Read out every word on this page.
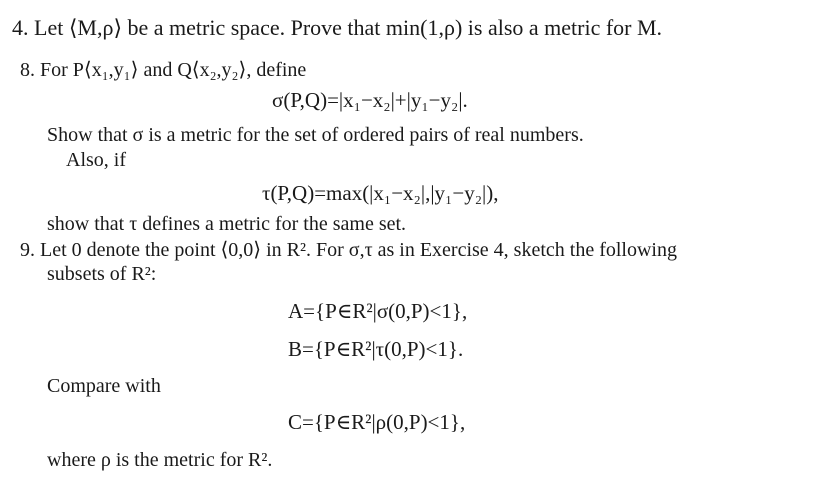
4. Let ⟨M,ρ⟩ be a metric space. Prove that min(1,ρ) is also a metric for M.
8. For P⟨x₁,y₁⟩ and Q⟨x₂,y₂⟩, define
σ(P,Q)=|x₁−x₂|+|y₁−y₂|.
Show that σ is a metric for the set of ordered pairs of real numbers.
Also, if
τ(P,Q)=max(|x₁−x₂|,|y₁−y₂|),
show that τ defines a metric for the same set.
9. Let 0 denote the point ⟨0,0⟩ in R². For σ,τ as in Exercise 4, sketch the following
subsets of R²:
A={P∈R²|σ(0,P)<1},
B={P∈R²|τ(0,P)<1}.
Compare with
C={P∈R²|ρ(0,P)<1},
where ρ is the metric for R².
